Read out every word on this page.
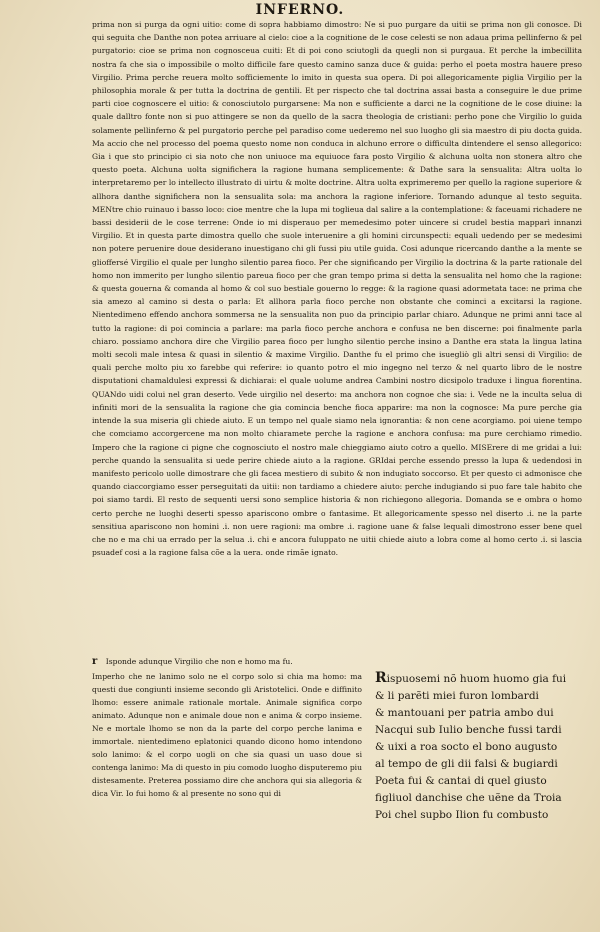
INFERNO.
prima non si purga da ogni uitio: come di sopra habbiamo dimostro: Ne si puo purgare da uitii se prima non gli conosce. Di qui seguita che Danthe non potea arriuare al cielo: cioe a la cognitione de le cose celesti se non adaua prima pellinferno & pel purgatorio: cioe se prima non cognosceua cuiti: Et di poi cono sciutogli da quegli non si purgaua. Et perche la imbecillita nostra fa che sia o impossibile o molto difficile fare questo camino sanza duce & guida: perho el poeta mostra hauere preso Virgilio. Prima perche reuera molto sofficiemente lo imito in questa sua opera. Di poi allegoricamente piglia Virgilio per la philosophia morale & per tutta la doctrina de gentili. Et per rispecto che tal doctrina assai basta a conseguire le due prime parti cioe cognoscere el uitio: & conosciutolo purgarsene: Ma non e sufficiente a darci ne la cognitione de le cose diuine: la quale dalltro fonte non si puo attingere se non da quello de la sacra theologia de cristiani: perho pone che Virgilio lo guida solamente pellinferno & pel purgatorio perche pel paradiso come uederemo nel suo luogho gli sia maestro di piu docta guida. Ma accio che nel processo del poema questo nome non conduca in alchuno errore o difficulta dintendere el senso allegorico: Gia i que sto principio ci sia noto che non uniuoce ma equiuoce fara posto Virgilio & alchuna uolta non stonera altro che questo poeta. Alchuna uolta significhera la ragione humana semplicemente: & Dathe sara la sensualita: Altra uolta lo interpretaremo per lo intellecto illustrato di uirtu & molte doctrine. Altra uolta exprimeremo per quello la ragione superiore & allhora danthe significhera non la sensualita sola: ma anchora la ragione inferiore. Tornando adunque al testo seguita. MENtre chio ruinauo i basso loco: cioe mentre che la lupa mi toglieua dal salire a la contemplatione: & faceuami richadere ne bassi desiderii de le cose terrene: Onde io mi disperauo per memedesimo poter uincere si crudel bestia mapparì innanzi Virgilio. Et in questa parte dimostra quello che suole interuenire a gli homini circunspecti: equali uedendo per se medesimi non potere peruenire doue desiderano inuestigano chi gli fussi piu utile guida. Cosi adunque ricercando danthe a la mente se glioffersé Virgilio el quale per lungho silentio parea fioco. Per che significando per Virgilio la doctrina & la parte rationale del homo non immerito per lungho silentio pareua fioco per che gran tempo prima si detta la sensualita nel homo che la ragione: & questa gouerna & comanda al homo & col suo bestiale gouerno lo regge: & la ragione quasi adormetata tace: ne prima che sia amezo al camino si desta o parla: Et allhora parla fioco perche non obstante che cominci a excitarsi la ragione. Nientedimeno effendo anchora sommersa ne la sensualita non puo da principio parlar chiaro. Adunque ne primi anni tace al tutto la ragione: di poi comincia a parlare: ma parla fioco perche anchora e confusa ne ben discerne: poi finalmente parla chiaro. possiamo anchora dire che Virgilio parea fioco per lungho silentio perche insino a Danthe era stata la lingua latina molti secoli male intesa & quasi in silentio & maxime Virgilio. Danthe fu el primo che isuegliò gli altri sensi di Virgilio: de quali perche molto piu xo farebbe qui referire: io quanto potro el mio ingegno nel terzo & nel quarto libro de le nostre disputationi chamaldulesi expressi & dichiarai: el quale uolume andrea Cambini nostro dicsipolo traduxe i lingua fiorentina. QUANdo uidi colui nel gran deserto. Vede uirgilio nel deserto: ma anchora non cognoe che sia: i. Vede ne la inculta selua di infiniti mori de la sensualita la ragione che gia comincia benche fioca apparire: ma non la cognosce: Ma pure perche gia intende la sua miseria gli chiede aiuto. E un tempo nel quale siamo nela ignorantia: & non cene acorgiamo. poi uiene tempo che comciamo accorgercene ma non molto chiaramete perche la ragione e anchora confusa: ma pure cerchiamo rimedio. Impero che la ragione ci pigne che cognosciuto el nostro male chieggiamo aiuto cotro a quello. MISErere di me gridai a lui: perche quando la sensualita si uede perire chiede aiuto a la ragione. GRIdai perche essendo presso la lupa & uedendosi in manifesto pericolo uolle dimostrare che gli facea mestiero di subito & non indugiato soccorso. Et per questo ci admonisce che quando ciaccorgiamo esser perseguitati da uitii: non tardiamo a chiedere aiuto: perche indugiando si puo fare tale habito che poi siamo tardi. El resto de sequenti uersi sono semplice historia & non richiegono allegoria. Domanda se e ombra o homo certo perche ne luoghi deserti spesso apariscono ombre o fantasime. Et allegoricamente spesso nel diserto .i. ne la parte sensitiua apariscono non homini .i. non uere ragioni: ma ombre .i. ragione uane & false lequali dimostrono esser bene quel che no e ma chi ua errado per la selua .i. chi e ancora fuluppato ne uitii chiede aiuto a lobra come al homo certo .i. si lascia psuadef cosi a la ragione falsa cõe a la uera. onde rimãe ignato.
r Isponde adunque Virgilio che non e homo ma fu.
Imperho che ne lanimo solo ne el corpo solo si chia ma homo: ma questi due congiunti insieme secondo gli Aristotelici. Onde e diffinito lhomo: essere animale rationale mortale. Animale significa corpo animato. Adunque non e animale doue non e anima & corpo insieme. Ne e mortale lhomo se non da la parte del corpo perche lanima e immortale. nientedimeno eplatonici quando dicono homo intendono solo lanimo: & el corpo uogli on che sia quasi un uaso doue si contenga lanimo: Ma di questo in piu comodo luogho disputeremo piu distesamente. Preterea possiamo dire che anchora qui sia allegoria & dica Vir. Io fui homo & al presente no sono qui di

Rispuosemi nõ huom huomo gia fui

& li parẽti miei furon lombardi

& mantouani per patria ambo dui

Nacqui sub Iulio benche fussi tardi

& uixi a roa socto el bono augusto

al tempo de gli dii falsi & bugiardi

Poeta fui & cantai di quel giusto

figliuol danchise che uẽne da Troia

Poi chel supbo Ilion fu combusto
